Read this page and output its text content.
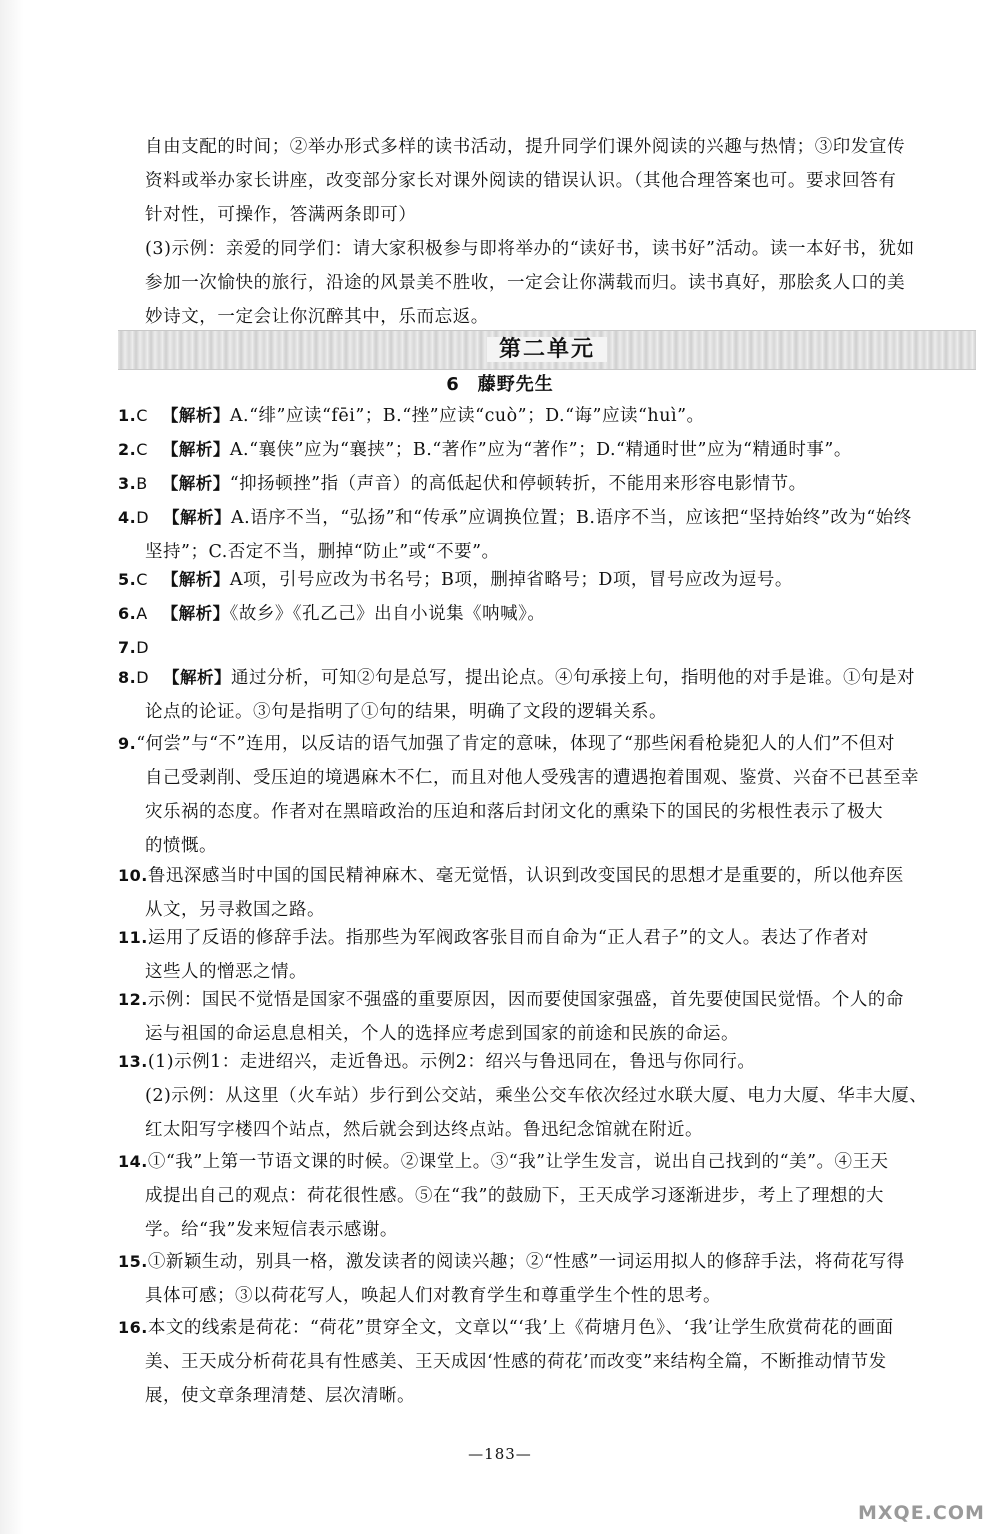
自由支配的时间；②举办形式多样的读书活动，提升同学们课外阅读的兴趣与热情；③印发宣传
资料或举办家长讲座，改变部分家长对课外阅读的错误认识。（其他合理答案也可。要求回答有
针对性，可操作，答满两条即可）
(3)示例：亲爱的同学们：请大家积极参与即将举办的“读好书，读书好”活动。读一本好书，犹如
参加一次愉快的旅行，沿途的风景美不胜收，一定会让你满载而归。读书真好，那脍炙人口的美
妙诗文，一定会让你沉醉其中，乐而忘返。
第二单元
6 藤野先生
1.C 【解析】A.“绯”应读“fēi”；B.“挫”应读“cuò”；D.“诲”应读“huì”。
2.C 【解析】A.“襄侠”应为“襄挟”；B.“著作”应为“著作”；D.“精通时世”应为“精通时事”。
3.B 【解析】“抑扬顿挫”指（声音）的高低起伏和停顿转折，不能用来形容电影情节。
4.D 【解析】A.语序不当，“弘扬”和“传承”应调换位置；B.语序不当，应该把“坚持始终”改为“始终
坚持”；C.否定不当，删掉“防止”或“不要”。
5.C 【解析】A项，引号应改为书名号；B项，删掉省略号；D项，冒号应改为逗号。
6.A 【解析】《故乡》《孔乙己》出自小说集《呐喊》。
7.D
8.D 【解析】通过分析，可知②句是总写，提出论点。④句承接上句，指明他的对手是谁。①句是对
论点的论证。③句是指明了①句的结果，明确了文段的逻辑关系。
9.“何尝”与“不”连用，以反诘的语气加强了肯定的意味，体现了“那些闲看枪毙犯人的人们”不但对
自己受剥削、受压迫的境遇麻木不仁，而且对他人受残害的遭遇抱着围观、鉴赏、兴奋不已甚至幸
灾乐祸的态度。作者对在黑暗政治的压迫和落后封闭文化的熏染下的国民的劣根性表示了极大
的愤慨。
10.鲁迅深感当时中国的国民精神麻木、毫无觉悟，认识到改变国民的思想才是重要的，所以他弃医
从文，另寻救国之路。
11.运用了反语的修辞手法。指那些为军阀政客张目而自命为“正人君子”的文人。表达了作者对
这些人的憎恶之情。
12.示例：国民不觉悟是国家不强盛的重要原因，因而要使国家强盛，首先要使国民觉悟。个人的命
运与祖国的命运息息相关，个人的选择应考虑到国家的前途和民族的命运。
13.(1)示例1：走进绍兴，走近鲁迅。示例2：绍兴与鲁迅同在，鲁迅与你同行。
(2)示例：从这里（火车站）步行到公交站，乘坐公交车依次经过水联大厦、电力大厦、华丰大厦、
红太阳写字楼四个站点，然后就会到达终点站。鲁迅纪念馆就在附近。
14.①“我”上第一节语文课的时候。②课堂上。③“我”让学生发言，说出自己找到的“美”。④王天
成提出自己的观点：荷花很性感。⑤在“我”的鼓励下，王天成学习逐渐进步，考上了理想的大
学。给“我”发来短信表示感谢。
15.①新颖生动，别具一格，激发读者的阅读兴趣；②“性感”一词运用拟人的修辞手法，将荷花写得
具体可感；③以荷花写人，唤起人们对教育学生和尊重学生个性的思考。
16.本文的线索是荷花：“荷花”贯穿全文，文章以“‘我’上《荷塘月色》、‘我’让学生欣赏荷花的画面
美、王天成分析荷花具有性感美、王天成因‘性感的荷花’而改变”来结构全篇，不断推动情节发
展，使文章条理清楚、层次清晰。
—183—
MXQE.COM
